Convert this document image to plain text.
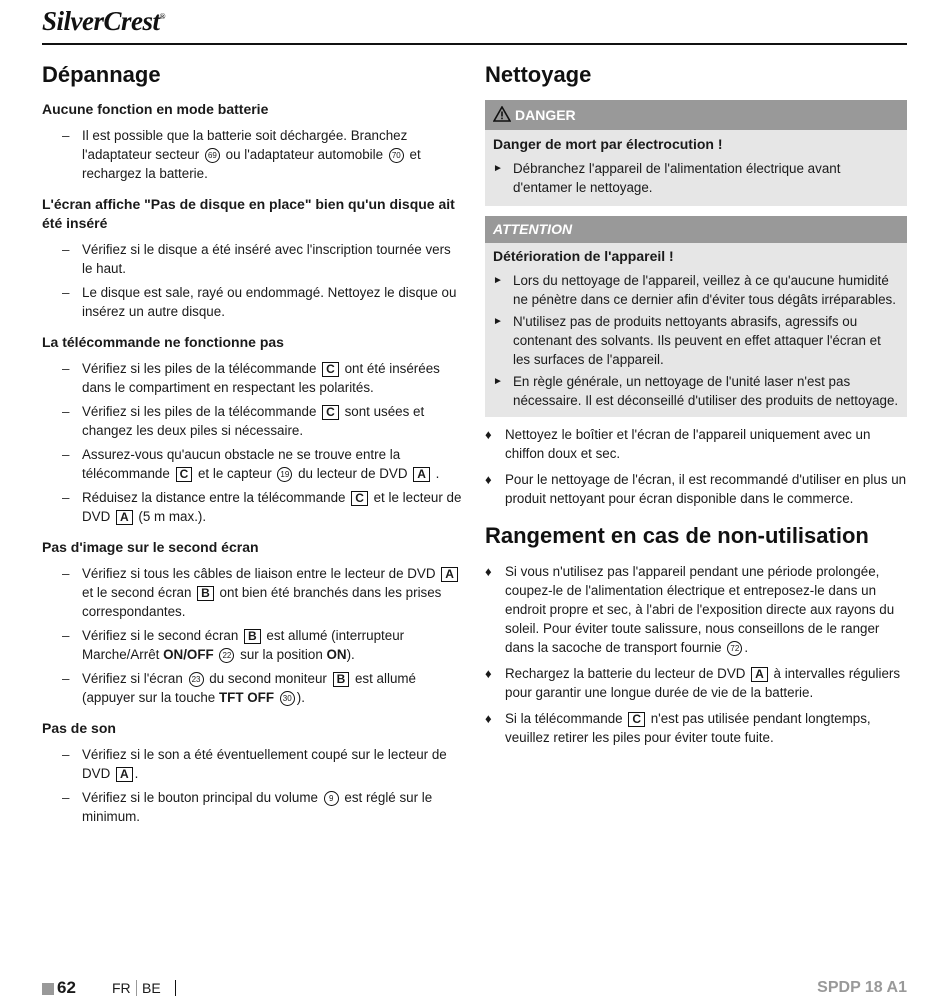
SilverCrest®
Dépannage
Aucune fonction en mode batterie
– Il est possible que la batterie soit déchargée. Branchez l'adaptateur secteur 69 ou l'adaptateur automobile 70 et rechargez la batterie.
L'écran affiche "Pas de disque en place" bien qu'un disque ait été inséré
– Vérifiez si le disque a été inséré avec l'inscription tournée vers le haut.
– Le disque est sale, rayé ou endommagé. Nettoyez le disque ou insérez un autre disque.
La télécommande ne fonctionne pas
– Vérifiez si les piles de la télécommande C ont été insérées dans le compartiment en respectant les polarités.
– Vérifiez si les piles de la télécommande C sont usées et changez les deux piles si nécessaire.
– Assurez-vous qu'aucun obstacle ne se trouve entre la télécommande C et le capteur 19 du lecteur de DVD A .
– Réduisez la distance entre la télécommande C et le lecteur de DVD A (5 m max.).
Pas d'image sur le second écran
– Vérifiez si tous les câbles de liaison entre le lecteur de DVD A et le second écran B ont bien été branchés dans les prises correspondantes.
– Vérifiez si le second écran B est allumé (interrupteur Marche/Arrêt ON/OFF 22 sur la position ON).
– Vérifiez si l'écran 23 du second moniteur B est allumé (appuyer sur la touche TFT OFF 30 ).
Pas de son
– Vérifiez si le son a été éventuellement coupé sur le lecteur de DVD A .
– Vérifiez si le bouton principal du volume 9 est réglé sur le minimum.
Nettoyage
DANGER
Danger de mort par électrocution !
► Débranchez l'appareil de l'alimentation électrique avant d'entamer le nettoyage.
ATTENTION
Détérioration de l'appareil !
► Lors du nettoyage de l'appareil, veillez à ce qu'aucune humidité ne pénètre dans ce dernier afin d'éviter tous dégâts irréparables.
► N'utilisez pas de produits nettoyants abrasifs, agressifs ou contenant des solvants. Ils peuvent en effet attaquer l'écran et les surfaces de l'appareil.
► En règle générale, un nettoyage de l'unité laser n'est pas nécessaire. Il est déconseillé d'utiliser des produits de nettoyage.
♦ Nettoyez le boîtier et l'écran de l'appareil uniquement avec un chiffon doux et sec.
♦ Pour le nettoyage de l'écran, il est recommandé d'utiliser en plus un produit nettoyant pour écran disponible dans le commerce.
Rangement en cas de non-utilisation
♦ Si vous n'utilisez pas l'appareil pendant une période prolongée, coupez-le de l'alimentation électrique et entreposez-le dans un endroit propre et sec, à l'abri de l'exposition directe aux rayons du soleil. Pour éviter toute salissure, nous conseillons de le ranger dans la sacoche de transport fournie 72 .
♦ Rechargez la batterie du lecteur de DVD A à intervalles réguliers pour garantir une longue durée de vie de la batterie.
♦ Si la télécommande C n'est pas utilisée pendant longtemps, veuillez retirer les piles pour éviter toute fuite.
62	FR BE	SPDP 18 A1
